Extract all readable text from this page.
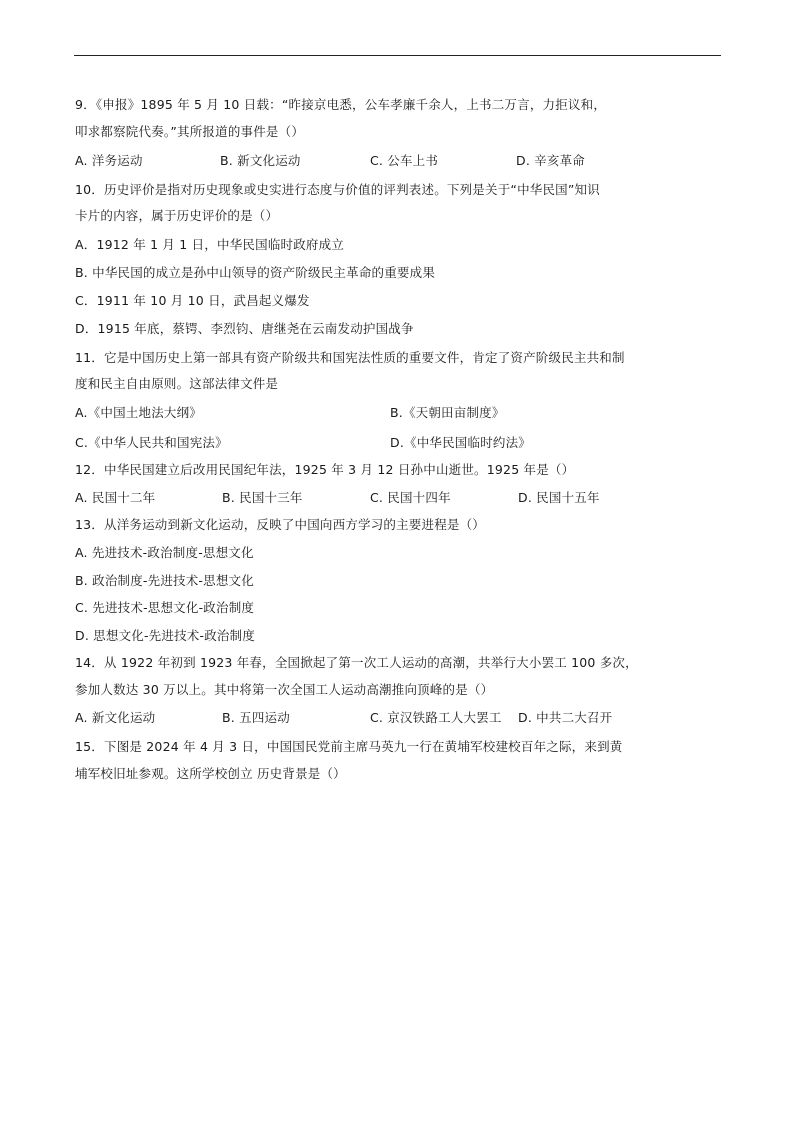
9．《申报》1895 年 5 月 10 日载：“昨接京电悉，公车孝廉千余人，上书二万言，力拒议和，
叩求都察院代奏。”其所报道的事件是（）
A. 洋务运动	B. 新文化运动	C. 公车上书	D. 辛亥革命
10．历史评价是指对历史现象或史实进行态度与价值的评判表述。下列是关于“中华民国”知识
卡片的内容，属于历史评价的是（）
A．1912 年 1 月 1 日，中华民国临时政府成立
B. 中华民国的成立是孙中山领导的资产阶级民主革命的重要成果
C．1911 年 10 月 10 日，武昌起义爆发
D．1915 年底，蔡锷、李烈钧、唐继尧在云南发动护国战争
11．它是中国历史上第一部具有资产阶级共和国宪法性质的重要文件，肯定了资产阶级民主共和制
度和民主自由原则。这部法律文件是
A.《中国土地法大纲》	B.《天朝田亩制度》
C.《中华人民共和国宪法》	D.《中华民国临时约法》
12．中华民国建立后改用民国纪年法，1925 年 3 月 12 日孙中山逝世。1925 年是（）
A. 民国十二年	B. 民国十三年	C. 民国十四年	D. 民国十五年
13．从洋务运动到新文化运动，反映了中国向西方学习的主要进程是（）
A. 先进技术-政治制度-思想文化
B. 政治制度-先进技术-思想文化
C. 先进技术-思想文化-政治制度
D. 思想文化-先进技术-政治制度
14．从 1922 年初到 1923 年春，全国掀起了第一次工人运动的高潮，共举行大小罢工 100 多次，
参加人数达 30 万以上。其中将第一次全国工人运动高潮推向顶峰的是（）
A. 新文化运动	B. 五四运动	C. 京汉铁路工人大罢工 D. 中共二大召开
15．下图是 2024 年 4 月 3 日，中国国民党前主席马英九一行在黄埔军校建校百年之际，来到黄
埔军校旧址参观。这所学校创立 历史背景是（）
